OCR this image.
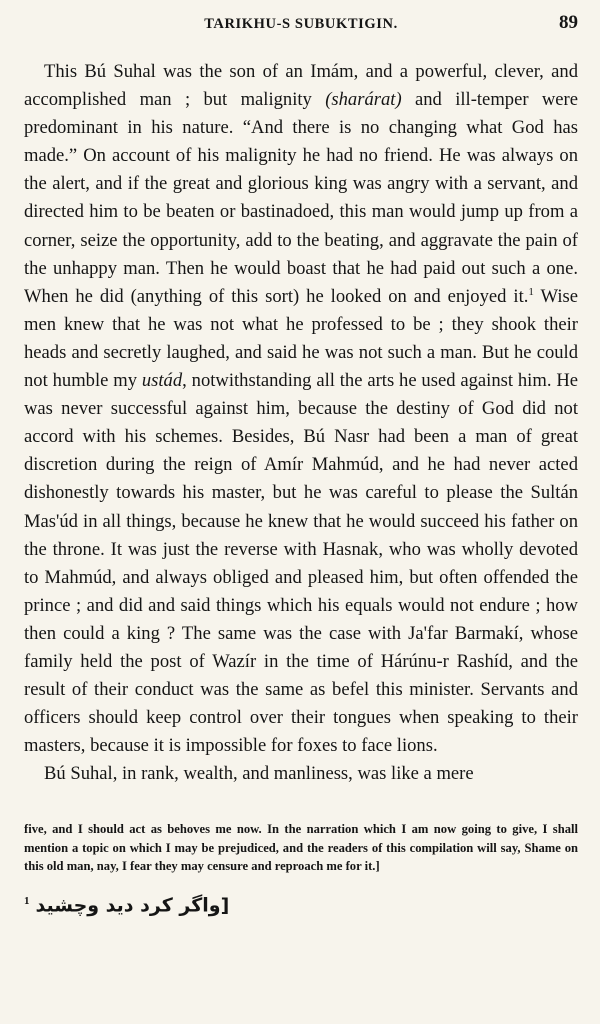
TARIKHU-S SUBUKTIGIN.	89

This Bú Suhal was the son of an Imám, and a powerful, clever, and accomplished man ; but malignity (sharárat) and ill-temper were predominant in his nature. “And there is no changing what God has made.” On account of his malignity he had no friend. He was always on the alert, and if the great and glorious king was angry with a servant, and directed him to be beaten or bastinadoed, this man would jump up from a corner, seize the opportunity, add to the beating, and aggravate the pain of the unhappy man. Then he would boast that he had paid out such a one. When he did (anything of this sort) he looked on and enjoyed it.$^1$ Wise men knew that he was not what he professed to be ; they shook their heads and secretly laughed, and said he was not such a man. But he could not humble my ustád, notwithstanding all the arts he used against him. He was never successful against him, because the destiny of God did not accord with his schemes. Besides, Bú Nasr had been a man of great discretion during the reign of Amír Mahmúd, and he had never acted dishonestly towards his master, but he was careful to please the Sultán Mas'úd in all things, because he knew that he would succeed his father on the throne. It was just the reverse with Hasnak, who was wholly devoted to Mahmúd, and always obliged and pleased him, but often offended the prince ; and did and said things which his equals would not endure ; how then could a king ? The same was the case with Ja'far Barmakí, whose family held the post of Wazír in the time of Hárúnu-r Rashíd, and the result of their conduct was the same as befel this minister. Servants and officers should keep control over their tongues when speaking to their masters, because it is impossible for foxes to face lions.

Bú Suhal, in rank, wealth, and manliness, was like a mere

five, and I should act as behoves me now. In the narration which I am now going to give, I shall mention a topic on which I may be prejudiced, and the readers of this compilation will say, Shame on this old man, nay, I fear they may censure and reproach me for it.]

$^1$ [واگر کرد دید وچشید
